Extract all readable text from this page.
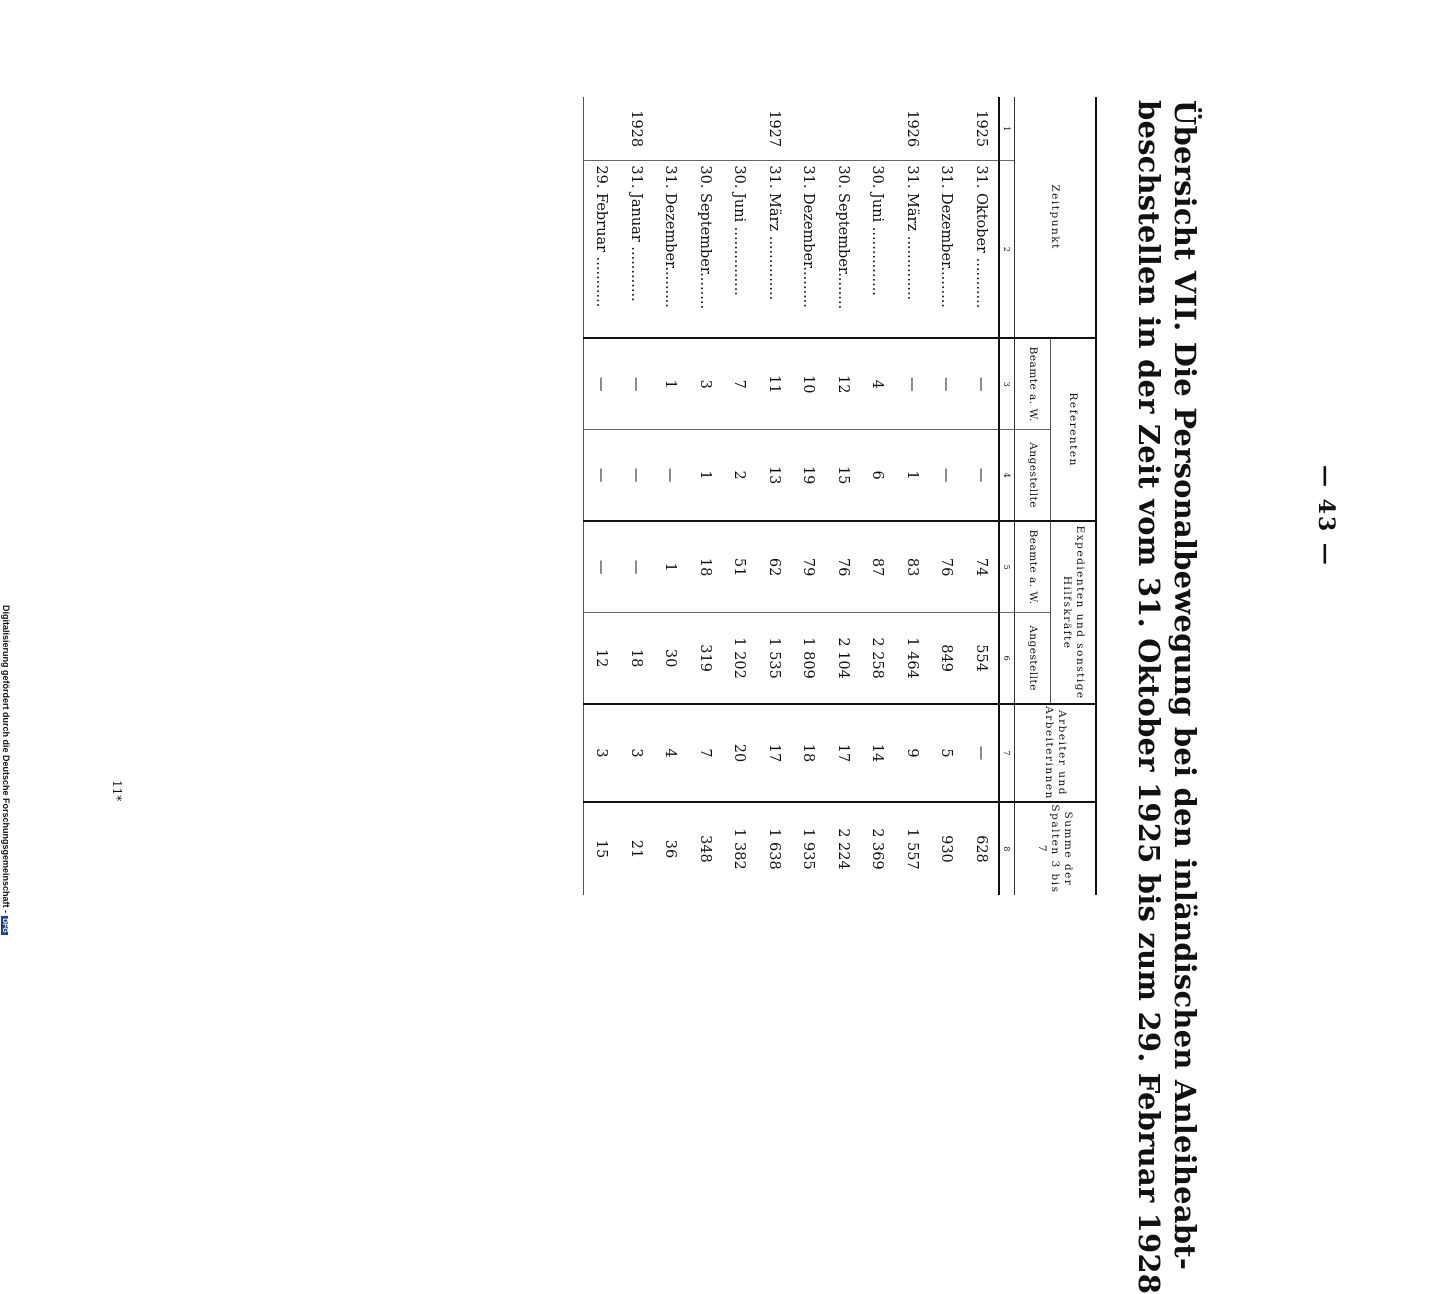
— 43 —
Übersicht VII. Die Personalbewegung bei den inländischen Anleiheabt-
beschstellen in der Zeit vom 31. Oktober 1925 bis zum 29. Februar 1928
Zeitpunkt		Referenten		Expedienten und sonstige Hilfskräfte		Arbeiter und Arbeiterinnen	Summe der Spalten 3 bis 7
		Beamte a. W.	Angestellte	Beamte a. W.	Angestellte		
1	2	3	4	5	6	7	8
1925	31. Oktober ...........	—	—	74	554	—	628
	31. Dezember.........	—	—	76	849	5	930
1926	31. März ..............	—	1	83	1 464	9	1 557
	30. Juni ...............	4	6	87	2 258	14	2 369
	30. September........	12	15	76	2 104	17	2 224
	31. Dezember.........	10	19	79	1 809	18	1 935
1927	31. März ..............	11	13	62	1 535	17	1 638
	30. Juni ...............	7	2	51	1 202	20	1 382
	30. September........	3	1	18	319	7	348
	31. Dezember.........	1	—	1	30	4	36
1928	31. Januar ............	—	—	—	18	3	21
	29. Februar ...........	—	—	—	12	3	15
11*
Digitalisierung gefördert durch die Deutsche Forschungsgemeinschaft -DFG
